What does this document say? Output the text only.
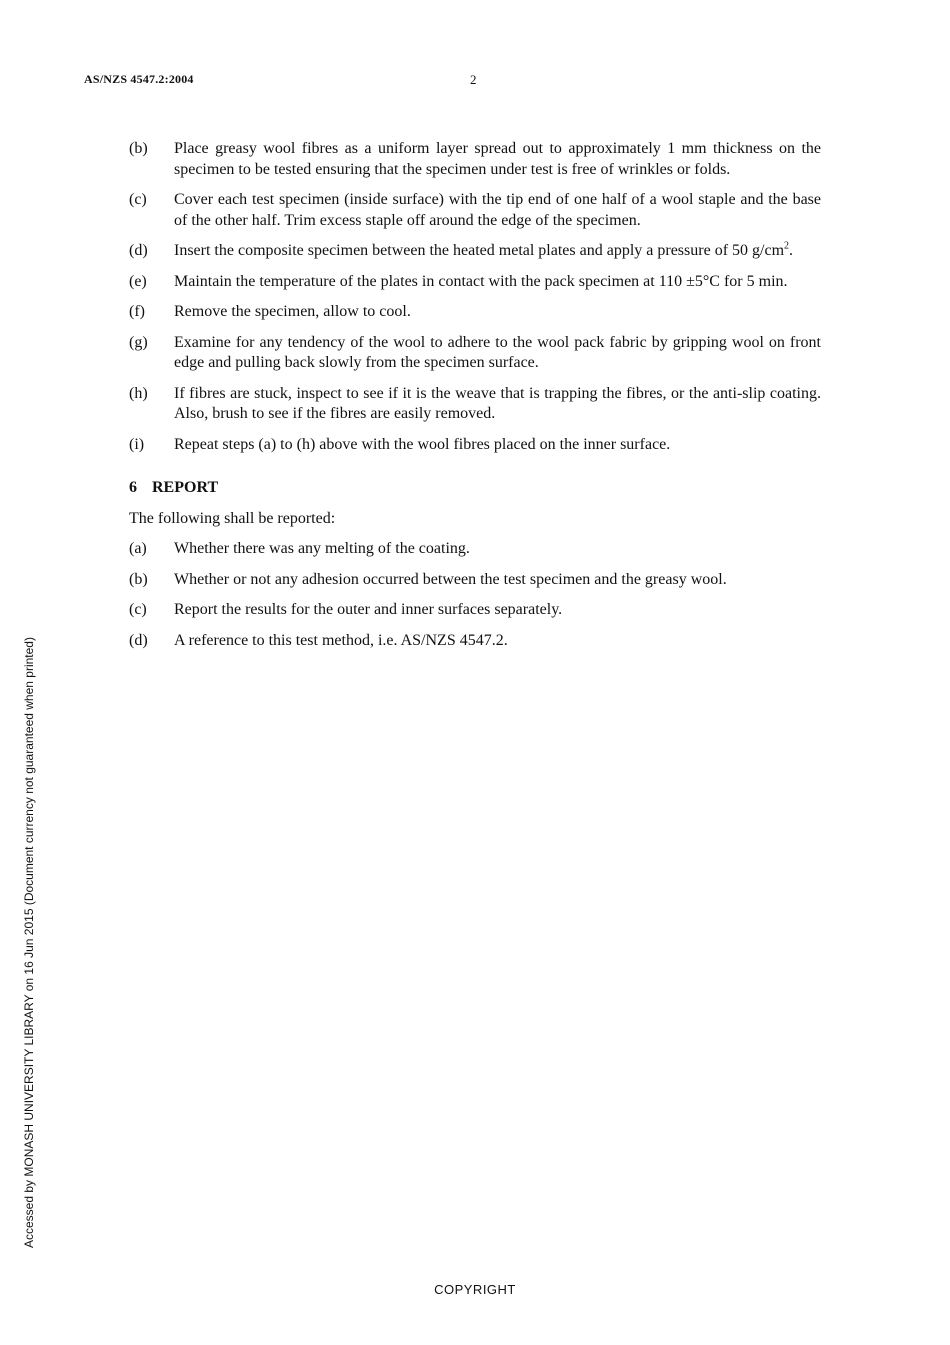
AS/NZS 4547.2:2004	2
(b)	Place greasy wool fibres as a uniform layer spread out to approximately 1 mm thickness on the specimen to be tested ensuring that the specimen under test is free of wrinkles or folds.
(c)	Cover each test specimen (inside surface) with the tip end of one half of a wool staple and the base of the other half. Trim excess staple off around the edge of the specimen.
(d)	Insert the composite specimen between the heated metal plates and apply a pressure of 50 $g/cm^2$.
(e)	Maintain the temperature of the plates in contact with the pack specimen at 110 ±5°C for 5 min.
(f)	Remove the specimen, allow to cool.
(g)	Examine for any tendency of the wool to adhere to the wool pack fabric by gripping wool on front edge and pulling back slowly from the specimen surface.
(h)	If fibres are stuck, inspect to see if it is the weave that is trapping the fibres, or the anti-slip coating. Also, brush to see if the fibres are easily removed.
(i)	Repeat steps (a) to (h) above with the wool fibres placed on the inner surface.
6 REPORT
The following shall be reported:
(a)	Whether there was any melting of the coating.
(b)	Whether or not any adhesion occurred between the test specimen and the greasy wool.
(c)	Report the results for the outer and inner surfaces separately.
(d)	A reference to this test method, i.e. AS/NZS 4547.2.
Accessed by MONASH UNIVERSITY LIBRARY on 16 Jun 2015 (Document currency not guaranteed when printed)
COPYRIGHT
